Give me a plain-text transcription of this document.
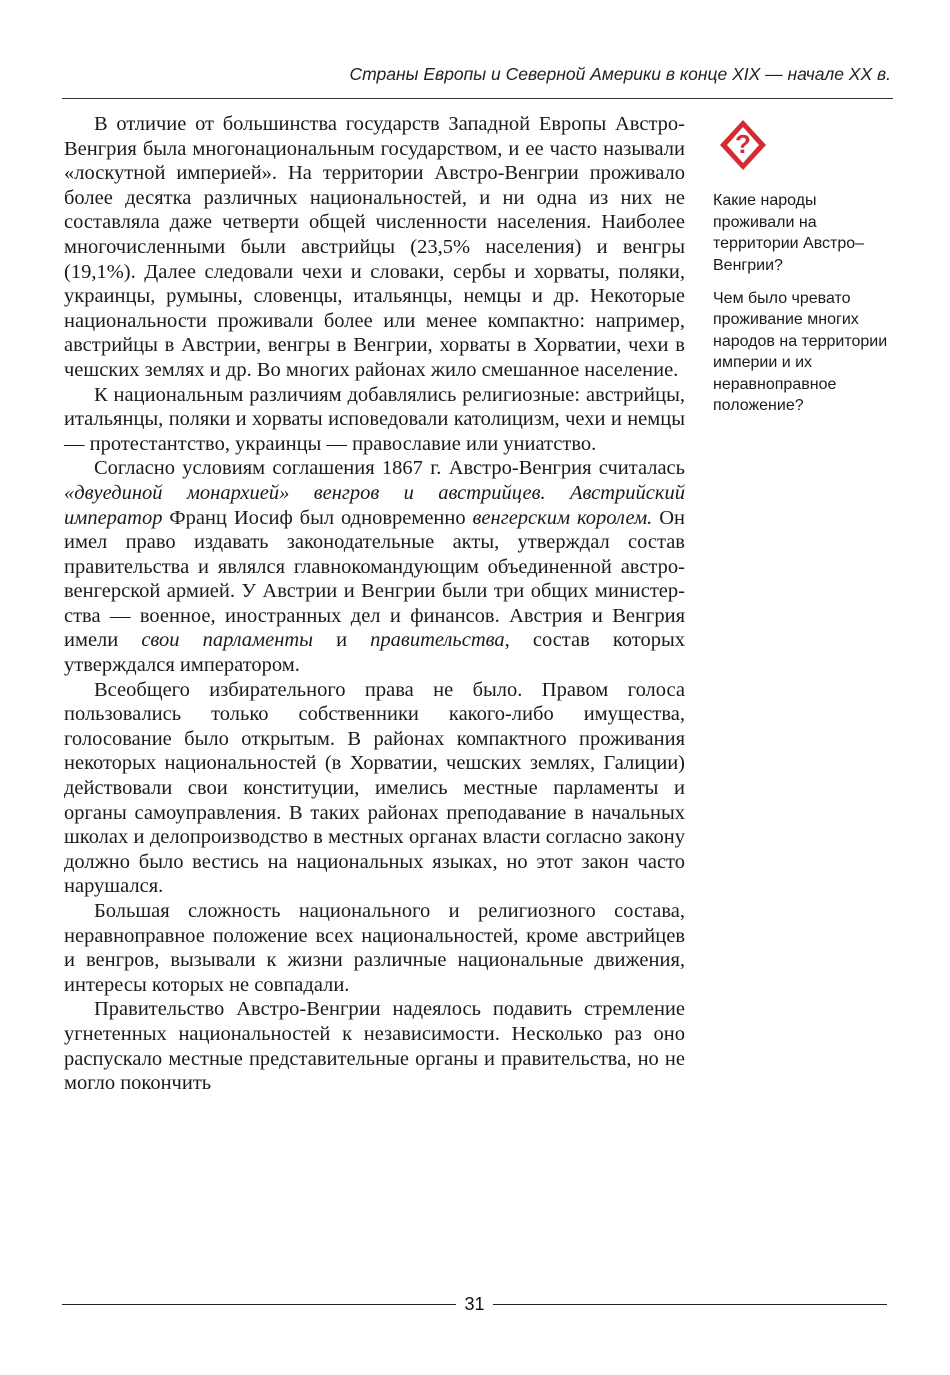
Страны Европы и Северной Америки в конце XIX — начале XX в.

В отличие от большинства государств Западной Европы Австро-Венгрия была многонациональным государством, и ее часто называли «лоскутной империей». На территории Австро-Венгрии проживало более десятка различных национальностей, и ни одна из них не составляла даже четверти общей численности населения. Наиболее многочисленными были австрийцы (23,5% населения) и венгры (19,1%). Далее следовали чехи и словаки, сербы и хорваты, поляки, украинцы, румыны, словенцы, итальянцы, немцы и др. Некоторые национальности проживали более или менее компактно: например, австрийцы в Австрии, венгры в Венгрии, хорваты в Хорватии, чехи в чешских землях и др. Во многих районах жило смешанное население.

К национальным различиям добавлялись религиозные: австрийцы, итальянцы, поляки и хорваты исповедовали католицизм, чехи и немцы — протестантство, украинцы — православие или униатство.

Согласно условиям соглашения 1867 г. Австро-Венгрия считалась «двуединой монархией» венгров и австрийцев. Австрийский император Франц Иосиф был одновременно венгерским королем. Он имел право издавать законодательные акты, утверждал состав правительства и являлся главнокомандующим объединенной австро-венгерской армией. У Австрии и Венгрии были три общих министерства — военное, иностранных дел и финансов. Австрия и Венгрия имели свои парламенты и правительства, состав которых утверждался императором.

Всеобщего избирательного права не было. Правом голоса пользовались только собственники какого-либо имущества, голосование было открытым. В районах компактного проживания некоторых национальностей (в Хорватии, чешских землях, Галиции) действовали свои конституции, имелись местные парламенты и органы самоуправления. В таких районах преподавание в начальных школах и делопроизводство в местных органах власти согласно закону должно было вестись на национальных языках, но этот закон часто нарушался.

Большая сложность национального и религиозного состава, неравноправное положение всех национальностей, кроме австрийцев и венгров, вызывали к жизни различные национальные движения, интересы которых не совпадали.

Правительство Австро-Венгрии надеялось подавить стремление угнетенных национальностей к независимости. Несколько раз оно распускало местные представительные органы и правительства, но не могло покончить

?

Какие народы проживали на территории Австро–Венгрии?

Чем было чревато проживание многих народов на территории империи и их неравноправное положение?

31
